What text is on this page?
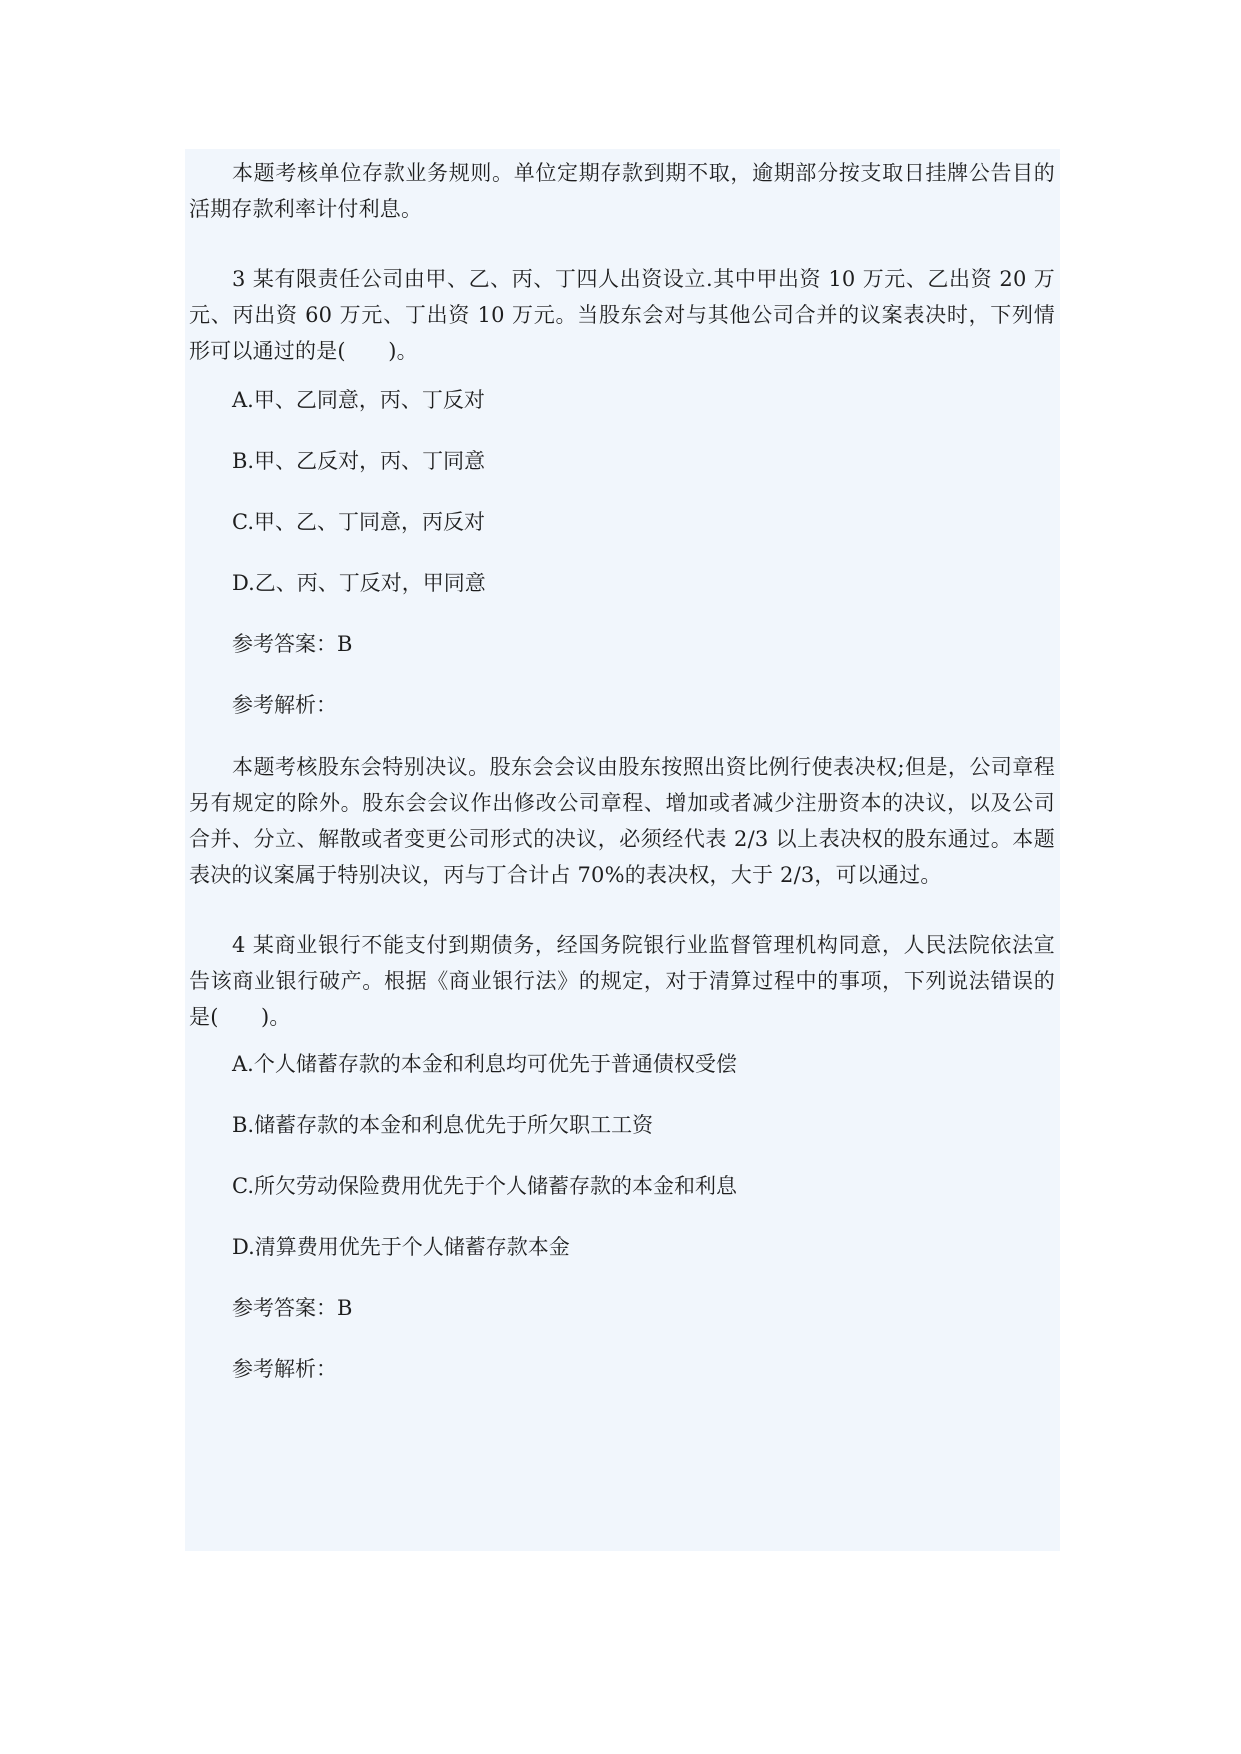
本题考核单位存款业务规则。单位定期存款到期不取，逾期部分按支取日挂牌公告目的活期存款利率计付利息。

3 某有限责任公司由甲、乙、丙、丁四人出资设立.其中甲出资 10 万元、乙出资 20 万元、丙出资 60 万元、丁出资 10 万元。当股东会对与其他公司合并的议案表决时，下列情形可以通过的是(　　)。

A.甲、乙同意，丙、丁反对

B.甲、乙反对，丙、丁同意

C.甲、乙、丁同意，丙反对

D.乙、丙、丁反对，甲同意

参考答案：B

参考解析：

本题考核股东会特别决议。股东会会议由股东按照出资比例行使表决权;但是，公司章程另有规定的除外。股东会会议作出修改公司章程、增加或者减少注册资本的决议，以及公司合并、分立、解散或者变更公司形式的决议，必须经代表 2/3 以上表决权的股东通过。本题表决的议案属于特别决议，丙与丁合计占 70%的表决权，大于 2/3，可以通过。

4 某商业银行不能支付到期债务，经国务院银行业监督管理机构同意，人民法院依法宣告该商业银行破产。根据《商业银行法》的规定，对于清算过程中的事项，下列说法错误的是(　　)。

A.个人储蓄存款的本金和利息均可优先于普通债权受偿

B.储蓄存款的本金和利息优先于所欠职工工资

C.所欠劳动保险费用优先于个人储蓄存款的本金和利息

D.清算费用优先于个人储蓄存款本金

参考答案：B

参考解析：
